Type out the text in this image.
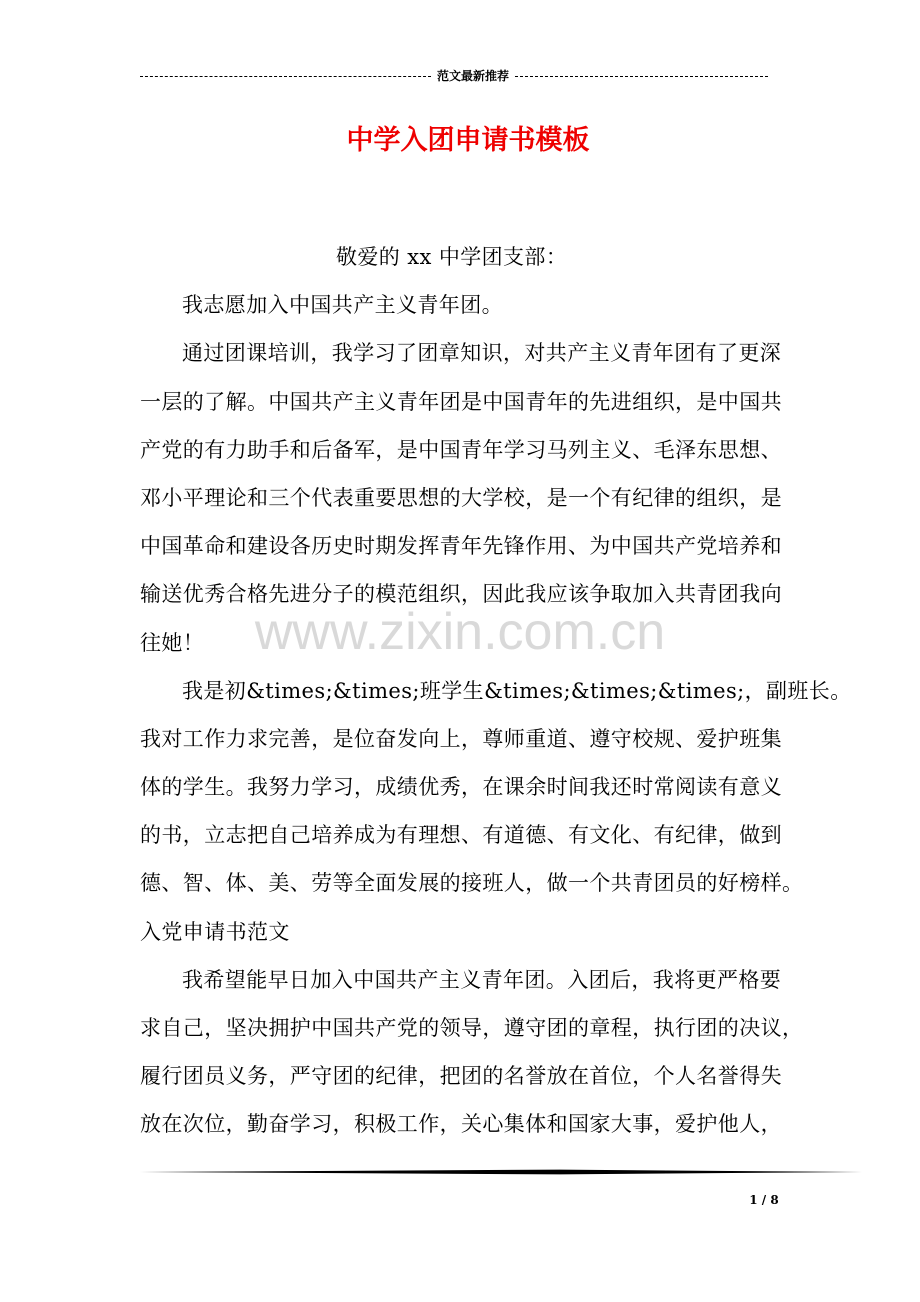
范文最新推荐
中学入团申请书模板
www.zixin.com.cn
敬爱的 xx 中学团支部：
我志愿加入中国共产主义青年团。
通过团课培训，我学习了团章知识，对共产主义青年团有了更深
一层的了解。中国共产主义青年团是中国青年的先进组织，是中国共
产党的有力助手和后备军，是中国青年学习马列主义、毛泽东思想、
邓小平理论和三个代表重要思想的大学校，是一个有纪律的组织，是
中国革命和建设各历史时期发挥青年先锋作用、为中国共产党培养和
输送优秀合格先进分子的模范组织，因此我应该争取加入共青团我向
往她！
我是初&times;&times;班学生&times;&times;&times;，副班长。
我对工作力求完善，是位奋发向上，尊师重道、遵守校规、爱护班集
体的学生。我努力学习，成绩优秀，在课余时间我还时常阅读有意义
的书，立志把自己培养成为有理想、有道德、有文化、有纪律，做到
德、智、体、美、劳等全面发展的接班人，做一个共青团员的好榜样。
入党申请书范文
我希望能早日加入中国共产主义青年团。入团后，我将更严格要
求自己，坚决拥护中国共产党的领导，遵守团的章程，执行团的决议，
履行团员义务，严守团的纪律，把团的名誉放在首位，个人名誉得失
放在次位，勤奋学习，积极工作，关心集体和国家大事，爱护他人，
1 / 8
